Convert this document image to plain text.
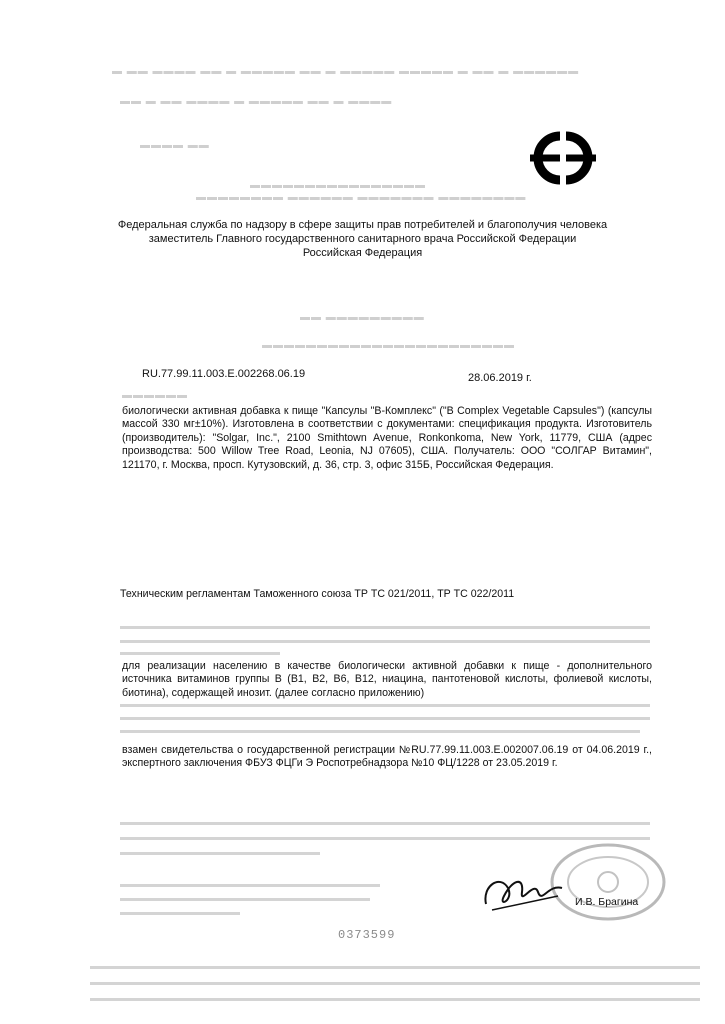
▬ ▬▬ ▬▬▬▬ ▬▬ ▬ ▬▬▬▬▬ ▬▬ ▬ ▬▬▬▬▬ ▬▬▬▬▬ ▬ ▬▬ ▬ ▬▬▬▬▬▬
▬▬ ▬ ▬▬ ▬▬▬▬ ▬ ▬▬▬▬▬ ▬▬ ▬ ▬▬▬▬
▬▬▬▬ ▬▬
▬▬▬▬▬▬▬▬▬▬▬▬▬▬▬▬
▬▬▬▬▬▬▬▬ ▬▬▬▬▬▬ ▬▬▬▬▬▬▬ ▬▬▬▬▬▬▬▬
Федеральная служба по надзору в сфере защиты прав потребителей и благополучия человека
заместитель Главного государственного санитарного врача Российской Федерации
Российская Федерация
▬▬ ▬▬▬▬▬▬▬▬▬
▬▬▬▬▬▬▬▬▬▬▬▬▬▬▬▬▬▬▬▬▬▬▬
RU.77.99.11.003.Е.002268.06.19	28.06.2019 г.
▬▬▬▬▬▬
биологически активная добавка к пище "Капсулы "В-Комплекс" ("B Complex Vegetable Capsules") (капсулы массой 330 мг±10%). Изготовлена в соответствии с документами: спецификация продукта. Изготовитель (производитель): "Solgar, Inc.", 2100 Smithtown Avenue, Ronkonkoma, New York, 11779, США (адрес производства: 500 Willow Tree Road, Leonia, NJ 07605), США. Получатель: ООО "СОЛГАР Витамин", 121170, г. Москва, просп. Кутузовский, д. 36, стр. 3, офис 315Б, Российская Федерация.
Техническим регламентам Таможенного союза ТР ТС 021/2011, ТР ТС 022/2011
для реализации населению в качестве биологически активной добавки к пище - дополнительного источника витаминов группы В (В1, В2, В6, В12, ниацина, пантотеновой кислоты, фолиевой кислоты, биотина), содержащей инозит. (далее согласно приложению)
взамен свидетельства о государственной регистрации №RU.77.99.11.003.Е.002007.06.19 от 04.06.2019 г., экспертного заключения ФБУЗ ФЦГи Э Роспотребнадзора №10 ФЦ/1228 от 23.05.2019 г.
И.В. Брагина
0373599
